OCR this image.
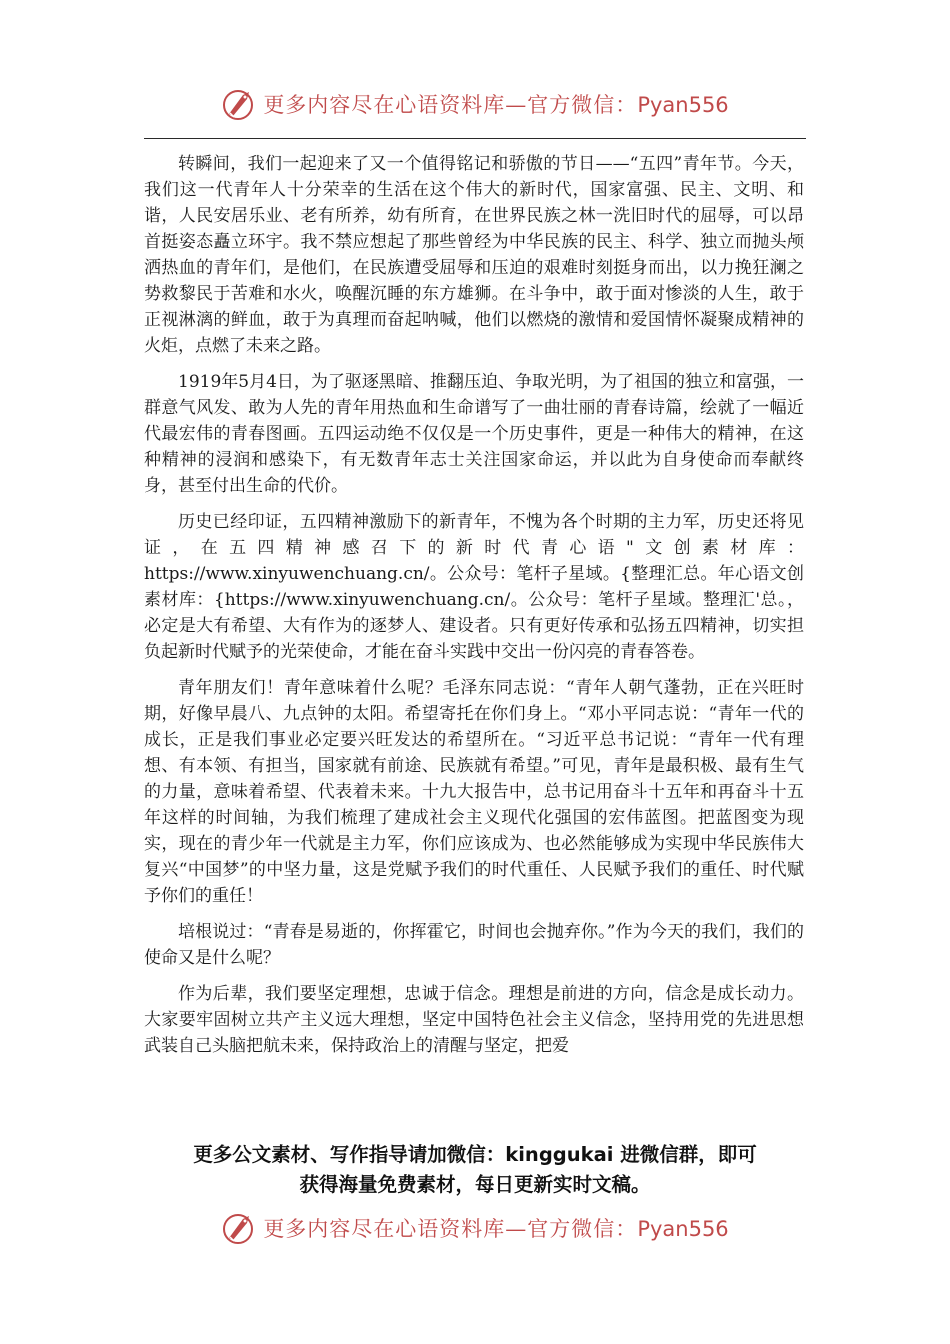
更多内容尽在心语资料库—官方微信：Pyan556

转瞬间，我们一起迎来了又一个值得铭记和骄傲的节日——“五四”青年节。今天，我们这一代青年人十分荣幸的生活在这个伟大的新时代，国家富强、民主、文明、和谐，人民安居乐业、老有所养，幼有所育，在世界民族之林一洗旧时代的屈辱，可以昂首挺姿态矗立环宇。我不禁应想起了那些曾经为中华民族的民主、科学、独立而抛头颅洒热血的青年们，是他们，在民族遭受屈辱和压迫的艰难时刻挺身而出，以力挽狂澜之势救黎民于苦难和水火，唤醒沉睡的东方雄狮。在斗争中，敢于面对惨淡的人生，敢于正视淋漓的鲜血，敢于为真理而奋起呐喊，他们以燃烧的激情和爱国情怀凝聚成精神的火炬，点燃了未来之路。

1919年5月4日，为了驱逐黑暗、推翻压迫、争取光明，为了祖国的独立和富强，一群意气风发、敢为人先的青年用热血和生命谱写了一曲壮丽的青春诗篇，绘就了一幅近代最宏伟的青春图画。五四运动绝不仅仅是一个历史事件，更是一种伟大的精神，在这种精神的浸润和感染下，有无数青年志士关注国家命运，并以此为自身使命而奉献终身，甚至付出生命的代价。

历史已经印证，五四精神激励下的新青年，不愧为各个时期的主力军，历史还将见证，在五四精神感召下的新时代青心语"文创素材库：https://www.xinyuwenchuang.cn/。公众号：笔杆子星域。{整理汇总。年心语文创素材库：{https://www.xinyuwenchuang.cn/。公众号：笔杆子星域。整理汇'总。，必定是大有希望、大有作为的逐梦人、建设者。只有更好传承和弘扬五四精神，切实担负起新时代赋予的光荣使命，才能在奋斗实践中交出一份闪亮的青春答卷。

青年朋友们！青年意味着什么呢？毛泽东同志说：“青年人朝气蓬勃，正在兴旺时期，好像早晨八、九点钟的太阳。希望寄托在你们身上。“邓小平同志说：“青年一代的成长，正是我们事业必定要兴旺发达的希望所在。“习近平总书记说：“青年一代有理想、有本领、有担当，国家就有前途、民族就有希望。”可见，青年是最积极、最有生气的力量，意味着希望、代表着未来。十九大报告中，总书记用奋斗十五年和再奋斗十五年这样的时间轴，为我们梳理了建成社会主义现代化强国的宏伟蓝图。把蓝图变为现实，现在的青少年一代就是主力军，你们应该成为、也必然能够成为实现中华民族伟大复兴“中国梦”的中坚力量，这是党赋予我们的时代重任、人民赋予我们的重任、时代赋予你们的重任！

培根说过：“青春是易逝的，你挥霍它，时间也会抛弃你。”作为今天的我们，我们的使命又是什么呢？

作为后辈，我们要坚定理想，忠诚于信念。理想是前进的方向，信念是成长动力。大家要牢固树立共产主义远大理想，坚定中国特色社会主义信念，坚持用党的先进思想武装自己头脑把航未来，保持政治上的清醒与坚定，把爱

更多公文素材、写作指导请加微信：kinggukai 进微信群，即可
获得海量免费素材，每日更新实时文稿。
更多内容尽在心语资料库—官方微信：Pyan556
